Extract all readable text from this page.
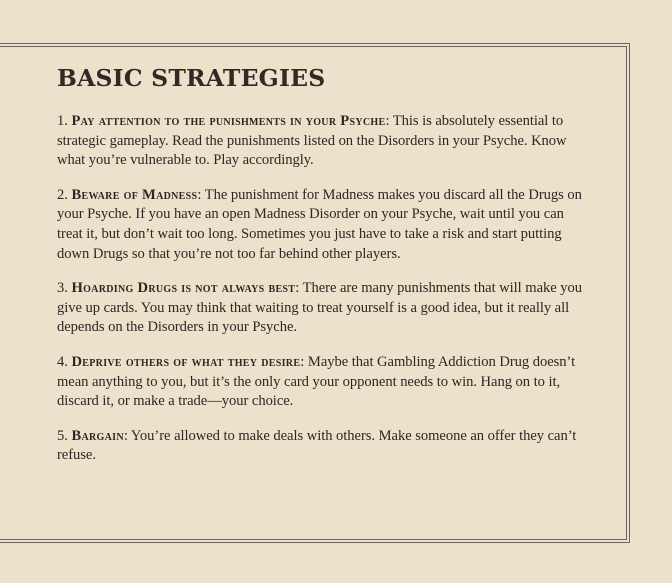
BASIC STRATEGIES

1. Pay attention to the punishments in your Psyche: This is absolutely essential to strategic gameplay. Read the punishments listed on the Disorders in your Psyche. Know what you’re vulnerable to. Play accordingly.

2. Beware of Madness: The punishment for Madness makes you discard all the Drugs on your Psyche. If you have an open Madness Disorder on your Psyche, wait until you can treat it, but don’t wait too long. Sometimes you just have to take a risk and start putting down Drugs so that you’re not too far behind other players.

3. Hoarding Drugs is not always best: There are many punishments that will make you give up cards. You may think that waiting to treat yourself is a good idea, but it really all depends on the Disorders in your Psyche.

4. Deprive others of what they desire: Maybe that Gambling Addiction Drug doesn’t mean anything to you, but it’s the only card your opponent needs to win. Hang on to it, discard it, or make a trade—your choice.

5. Bargain: You’re allowed to make deals with others. Make someone an offer they can’t refuse.
